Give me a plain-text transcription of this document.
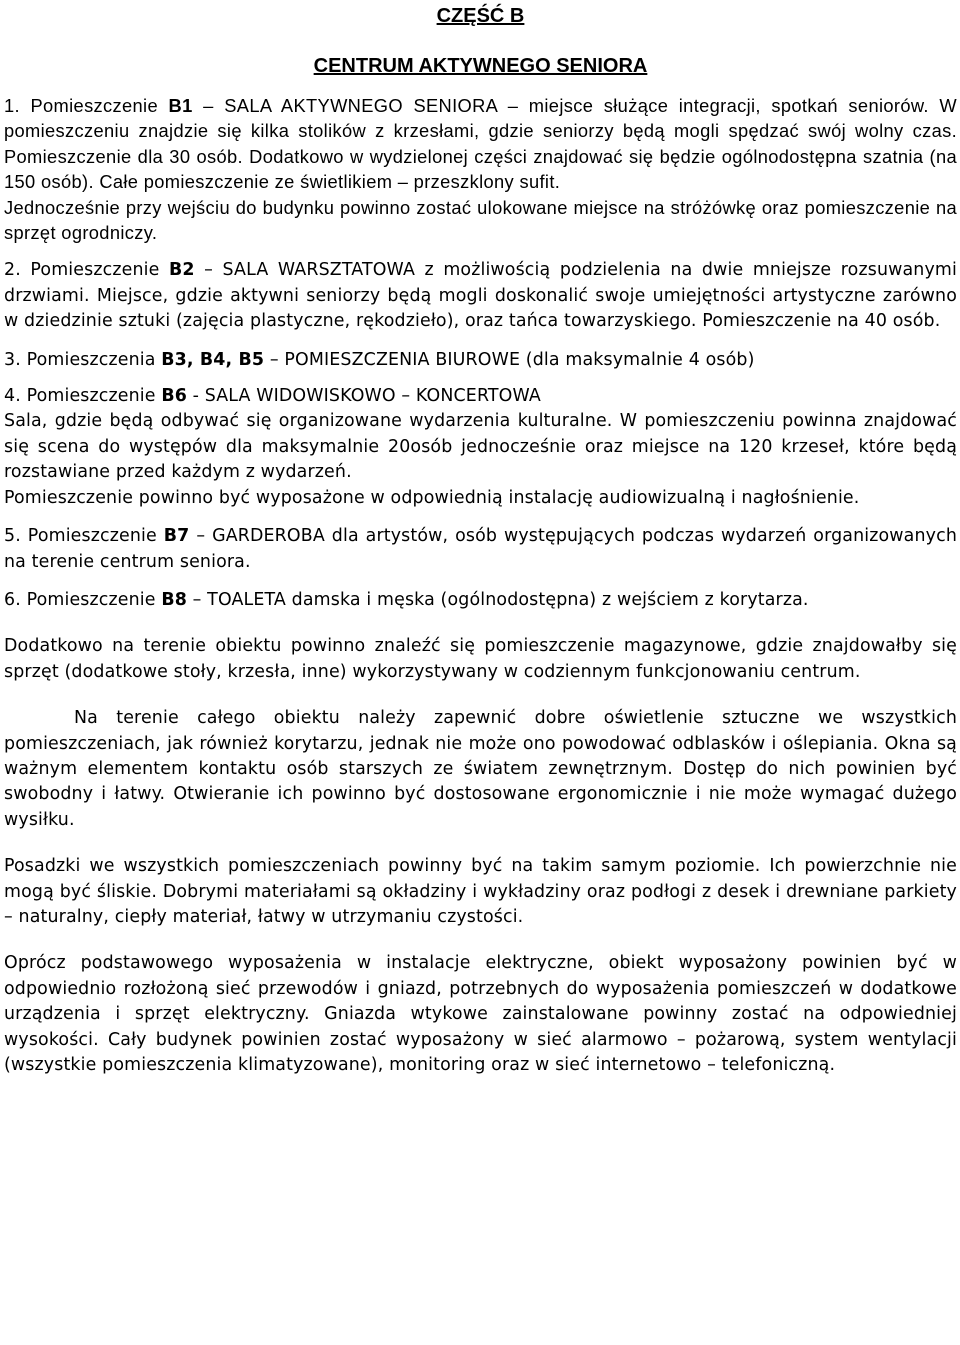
CZĘŚĆ B
CENTRUM AKTYWNEGO SENIORA

1. Pomieszczenie B1 – SALA AKTYWNEGO SENIORA – miejsce służące integracji, spotkań seniorów. W pomieszczeniu znajdzie się kilka stolików z krzesłami, gdzie seniorzy będą mogli spędzać swój wolny czas. Pomieszczenie dla 30 osób. Dodatkowo w wydzielonej części znajdować się będzie ogólnodostępna szatnia (na 150 osób). Całe pomieszczenie ze świetlikiem – przeszklony sufit.

Jednocześnie przy wejściu do budynku powinno zostać ulokowane miejsce na stróżówkę oraz pomieszczenie na sprzęt ogrodniczy.

2. Pomieszczenie B2 – SALA WARSZTATOWA z możliwością podzielenia na dwie mniejsze rozsuwanymi drzwiami. Miejsce, gdzie aktywni seniorzy będą mogli doskonalić swoje umiejętności artystyczne zarówno w dziedzinie sztuki (zajęcia plastyczne, rękodzieło), oraz tańca towarzyskiego. Pomieszczenie na 40 osób.

3. Pomieszczenia B3, B4, B5 – POMIESZCZENIA BIUROWE (dla maksymalnie 4 osób)

4. Pomieszczenie B6 - SALA WIDOWISKOWO – KONCERTOWA

Sala, gdzie będą odbywać się organizowane wydarzenia kulturalne. W pomieszczeniu powinna znajdować się scena do występów dla maksymalnie 20osób jednocześnie oraz miejsce na 120 krzeseł, które będą rozstawiane przed każdym z wydarzeń.

Pomieszczenie powinno być wyposażone w odpowiednią instalację audiowizualną i nagłośnienie.

5. Pomieszczenie B7 – GARDEROBA dla artystów, osób występujących podczas wydarzeń organizowanych na terenie centrum seniora.

6. Pomieszczenie B8 – TOALETA damska i męska (ogólnodostępna) z wejściem z korytarza.

Dodatkowo na terenie obiektu powinno znaleźć się pomieszczenie magazynowe, gdzie znajdowałby się sprzęt (dodatkowe stoły, krzesła, inne) wykorzystywany w codziennym funkcjonowaniu centrum.

Na terenie całego obiektu należy zapewnić dobre oświetlenie sztuczne we wszystkich pomieszczeniach, jak również korytarzu, jednak nie może ono powodować odblasków i oślepiania. Okna są ważnym elementem kontaktu osób starszych ze światem zewnętrznym. Dostęp do nich powinien być swobodny i łatwy. Otwieranie ich powinno być dostosowane ergonomicznie i nie może wymagać dużego wysiłku.

Posadzki we wszystkich pomieszczeniach powinny być na takim samym poziomie. Ich powierzchnie nie mogą być śliskie. Dobrymi materiałami są okładziny i wykładziny oraz podłogi z desek i drewniane parkiety – naturalny, ciepły materiał, łatwy w utrzymaniu czystości.

Oprócz podstawowego wyposażenia w instalacje elektryczne, obiekt wyposażony powinien być w odpowiednio rozłożoną sieć przewodów i gniazd, potrzebnych do wyposażenia pomieszczeń w dodatkowe urządzenia i sprzęt elektryczny. Gniazda wtykowe zainstalowane powinny zostać na odpowiedniej wysokości. Cały budynek powinien zostać wyposażony w sieć alarmowo – pożarową, system wentylacji (wszystkie pomieszczenia klimatyzowane), monitoring oraz w sieć internetowo – telefoniczną.
